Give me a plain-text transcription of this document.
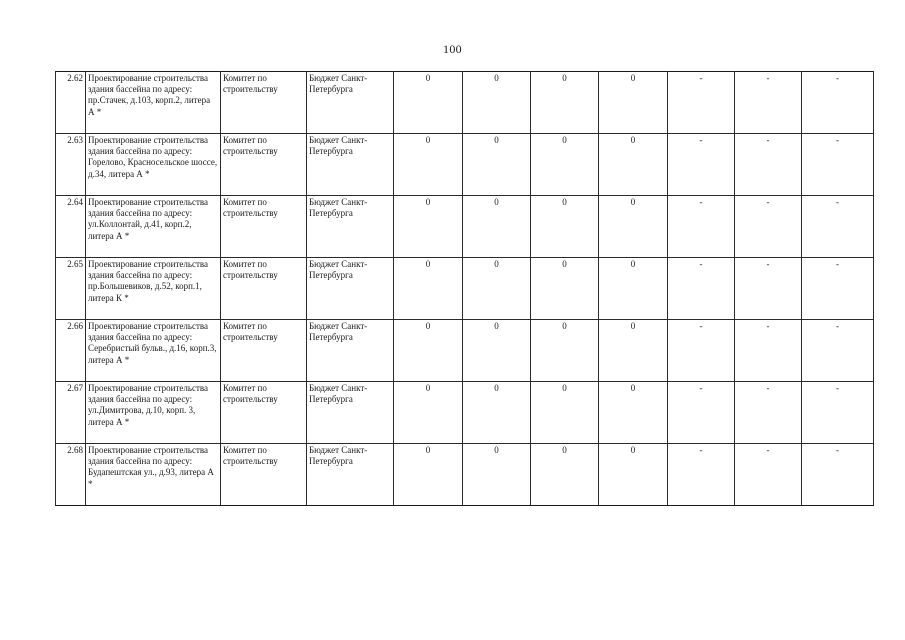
100
2.62	Проектирование строительства здания бассейна по адресу: пр.Стачек, д.103, корп.2, литера А *	Комитет по строительству	Бюджет Санкт-Петербурга	0	0	0	0	-	-	-
2.63	Проектирование строительства здания бассейна по адресу: Горелово, Красносельское шоссе, д.34, литера А *	Комитет по строительству	Бюджет Санкт-Петербурга	0	0	0	0	-	-	-
2.64	Проектирование строительства здания бассейна по адресу: ул.Коллонтай, д.41, корп.2, литера А *	Комитет по строительству	Бюджет Санкт-Петербурга	0	0	0	0	-	-	-
2.65	Проектирование строительства здания бассейна по адресу: пр.Большевиков, д.52, корп.1, литера К *	Комитет по строительству	Бюджет Санкт-Петербурга	0	0	0	0	-	-	-
2.66	Проектирование строительства здания бассейна по адресу: Серебристый бульв., д.16, корп.3, литера А *	Комитет по строительству	Бюджет Санкт-Петербурга	0	0	0	0	-	-	-
2.67	Проектирование строительства здания бассейна по адресу: ул.Димитрова, д.10, корп. 3, литера А *	Комитет по строительству	Бюджет Санкт-Петербурга	0	0	0	0	-	-	-
2.68	Проектирование строительства здания бассейна по адресу: Будапештская ул., д.93, литера А *	Комитет по строительству	Бюджет Санкт-Петербурга	0	0	0	0	-	-	-
